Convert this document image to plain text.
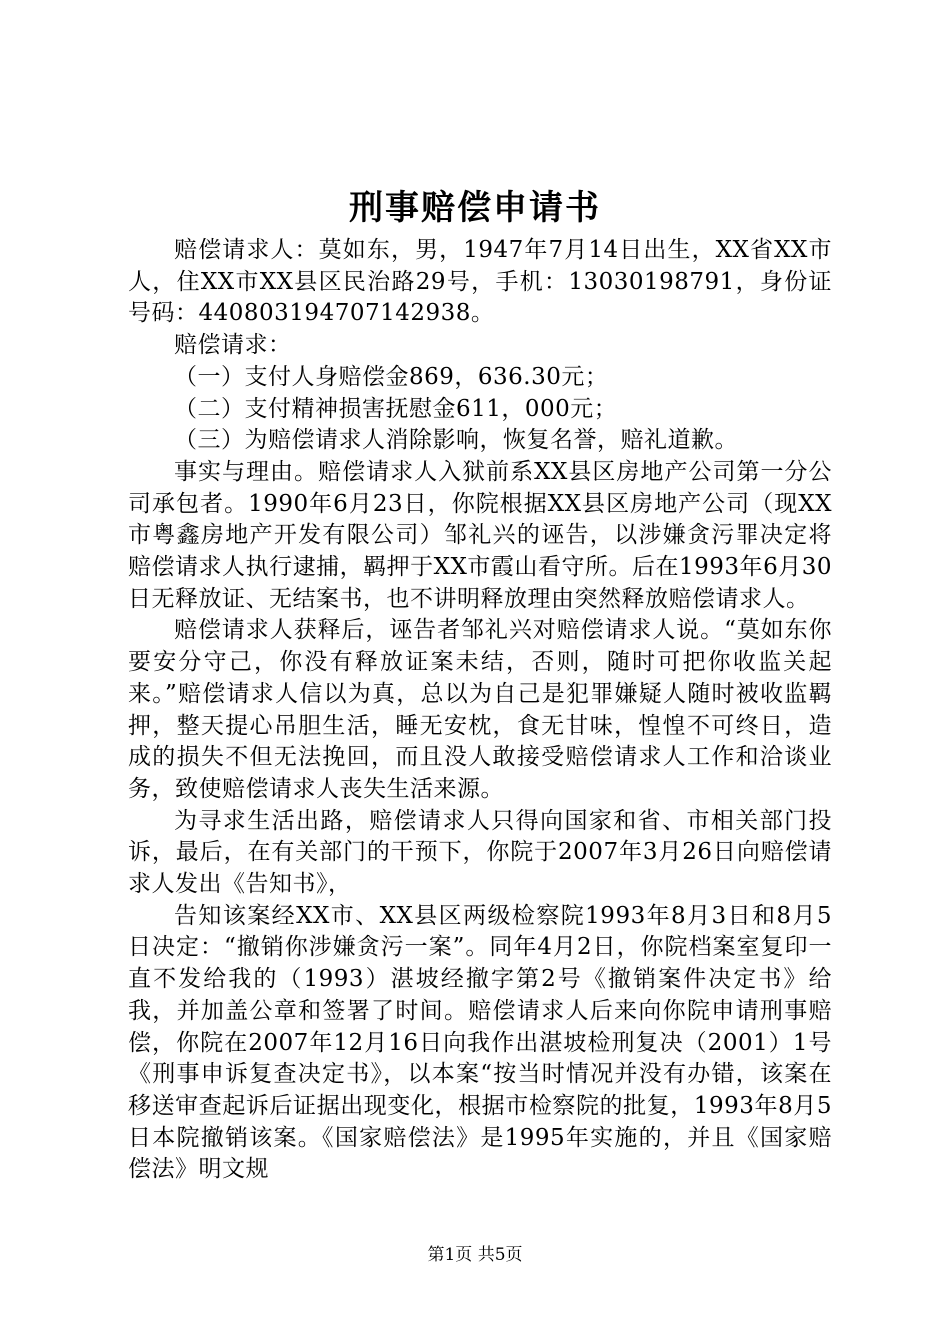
刑事赔偿申请书

赔偿请求人：莫如东，男，1947年7月14日出生，XX省XX市人，住XX市XX县区民治路29号，手机：13030198791，身份证号码：440803194707142938。

赔偿请求：

（一）支付人身赔偿金869，636.30元；

（二）支付精神损害抚慰金611，000元；

（三）为赔偿请求人消除影响，恢复名誉，赔礼道歉。

事实与理由。赔偿请求人入狱前系XX县区房地产公司第一分公司承包者。1990年6月23日，你院根据XX县区房地产公司（现XX市粤鑫房地产开发有限公司）邹礼兴的诬告，以涉嫌贪污罪决定将赔偿请求人执行逮捕，羁押于XX市霞山看守所。后在1993年6月30日无释放证、无结案书，也不讲明释放理由突然释放赔偿请求人。

赔偿请求人获释后，诬告者邹礼兴对赔偿请求人说。“莫如东你要安分守己，你没有释放证案未结，否则，随时可把你收监关起来。”赔偿请求人信以为真，总以为自己是犯罪嫌疑人随时被收监羁押，整天提心吊胆生活，睡无安枕，食无甘味，惶惶不可终日，造成的损失不但无法挽回，而且没人敢接受赔偿请求人工作和洽谈业务，致使赔偿请求人丧失生活来源。

为寻求生活出路，赔偿请求人只得向国家和省、市相关部门投诉，最后，在有关部门的干预下，你院于2007年3月26日向赔偿请求人发出《告知书》，

告知该案经XX市、XX县区两级检察院1993年8月3日和8月5日决定：“撤销你涉嫌贪污一案”。同年4月2日，你院档案室复印一直不发给我的（1993）湛坡经撤字第2号《撤销案件决定书》给我，并加盖公章和签署了时间。赔偿请求人后来向你院申请刑事赔偿，你院在2007年12月16日向我作出湛坡检刑复决（2001）1号《刑事申诉复查决定书》，以本案“按当时情况并没有办错，该案在移送审查起诉后证据出现变化，根据市检察院的批复，1993年8月5日本院撤销该案。《国家赔偿法》是1995年实施的，并且《国家赔偿法》明文规

第1页 共5页
